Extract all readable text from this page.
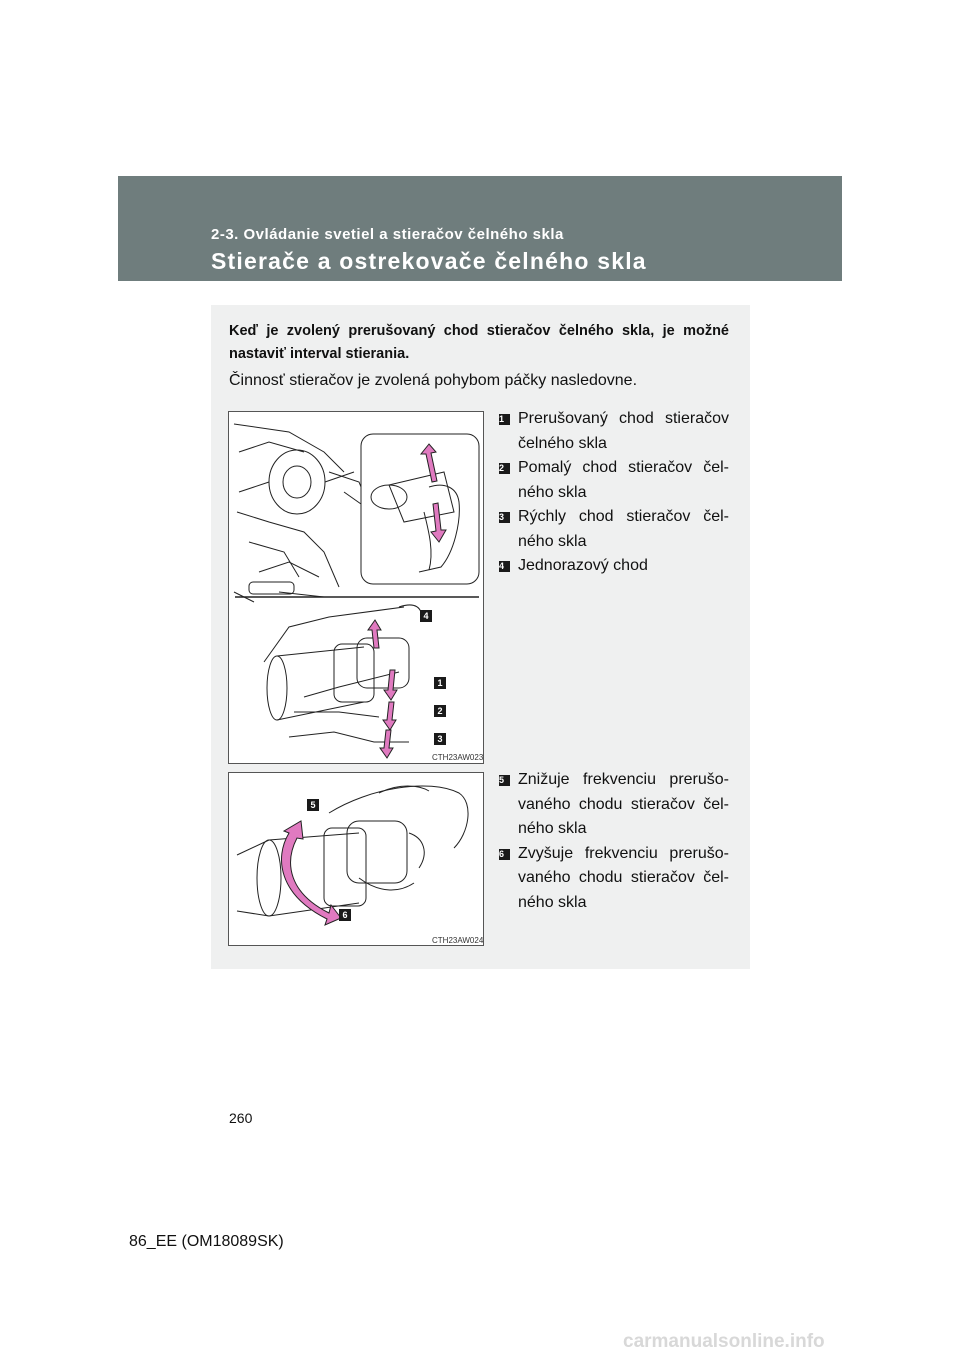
2-3. Ovládanie svetiel a stieračov čelného skla
Stierače a ostrekovače čelného skla
Keď je zvolený prerušovaný chod stieračov čelného skla, je možné nastaviť interval stierania.
Činnosť stieračov je zvolená pohybom páčky nasledovne.
4
1
2
3
CTH23AW023
5
6
CTH23AW024
1 Prerušovaný chod stieračov čelného skla
2 Pomalý chod stieračov čel-ného skla
3 Rýchly chod stieračov čel-ného skla
4 Jednorazový chod
5 Znižuje frekvenciu prerušo-vaného chodu stieračov čel-ného skla
6 Zvyšuje frekvenciu prerušo-vaného chodu stieračov čel-ného skla
260
86_EE (OM18089SK)
carmanualsonline.info
